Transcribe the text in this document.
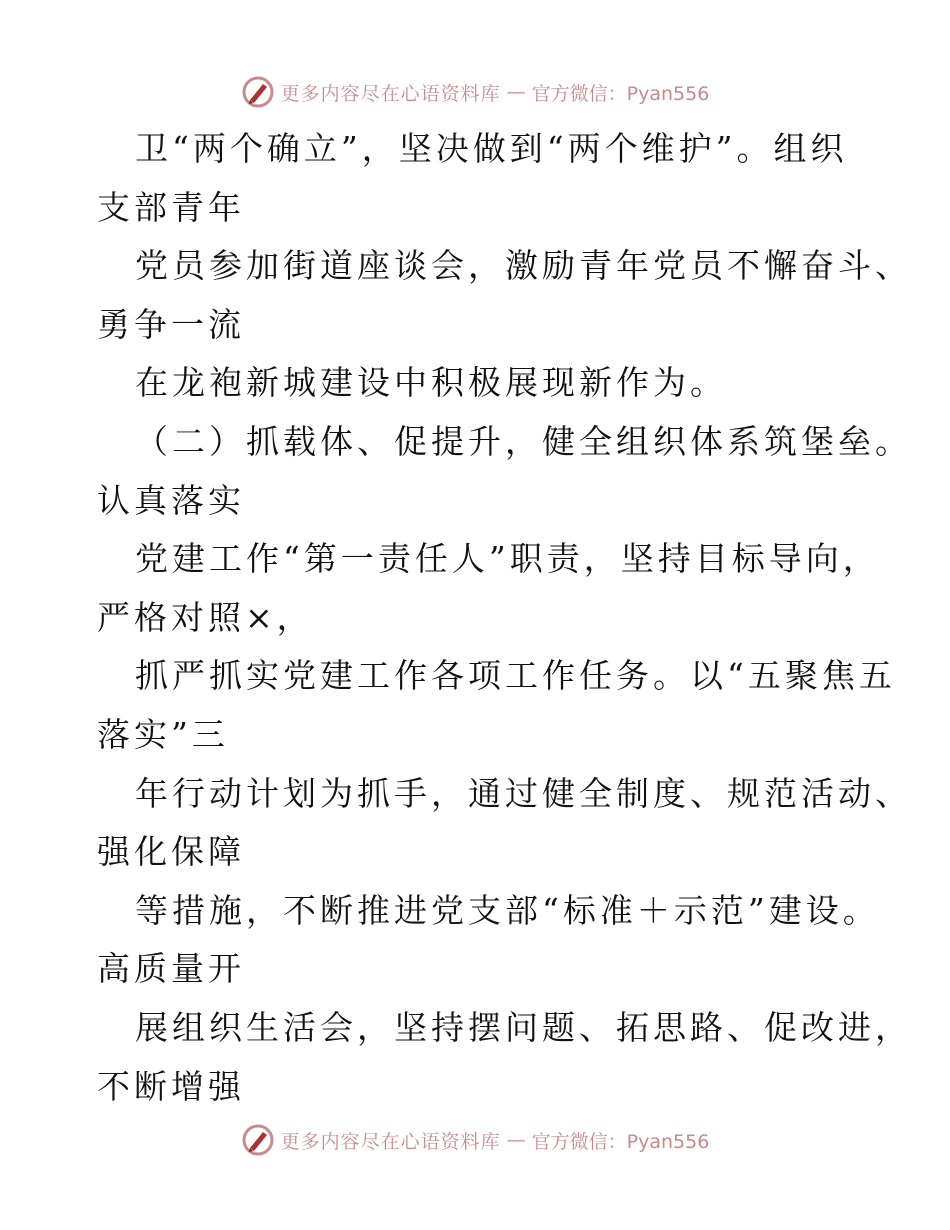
更多内容尽在心语资料库 — 官方微信：Pyan556
卫“两个确立”，坚决做到“两个维护”。组织
支部青年
党员参加街道座谈会，激励青年党员不懈奋斗、
勇争一流
在龙袍新城建设中积极展现新作为。
（二）抓载体、促提升，健全组织体系筑堡垒。
认真落实
党建工作“第一责任人”职责，坚持目标导向，
严格对照×，
抓严抓实党建工作各项工作任务。以“五聚焦五
落实”三
年行动计划为抓手，通过健全制度、规范活动、
强化保障
等措施，不断推进党支部“标准＋示范”建设。
高质量开
展组织生活会，坚持摆问题、拓思路、促改进，
不断增强
更多内容尽在心语资料库 — 官方微信：Pyan556
